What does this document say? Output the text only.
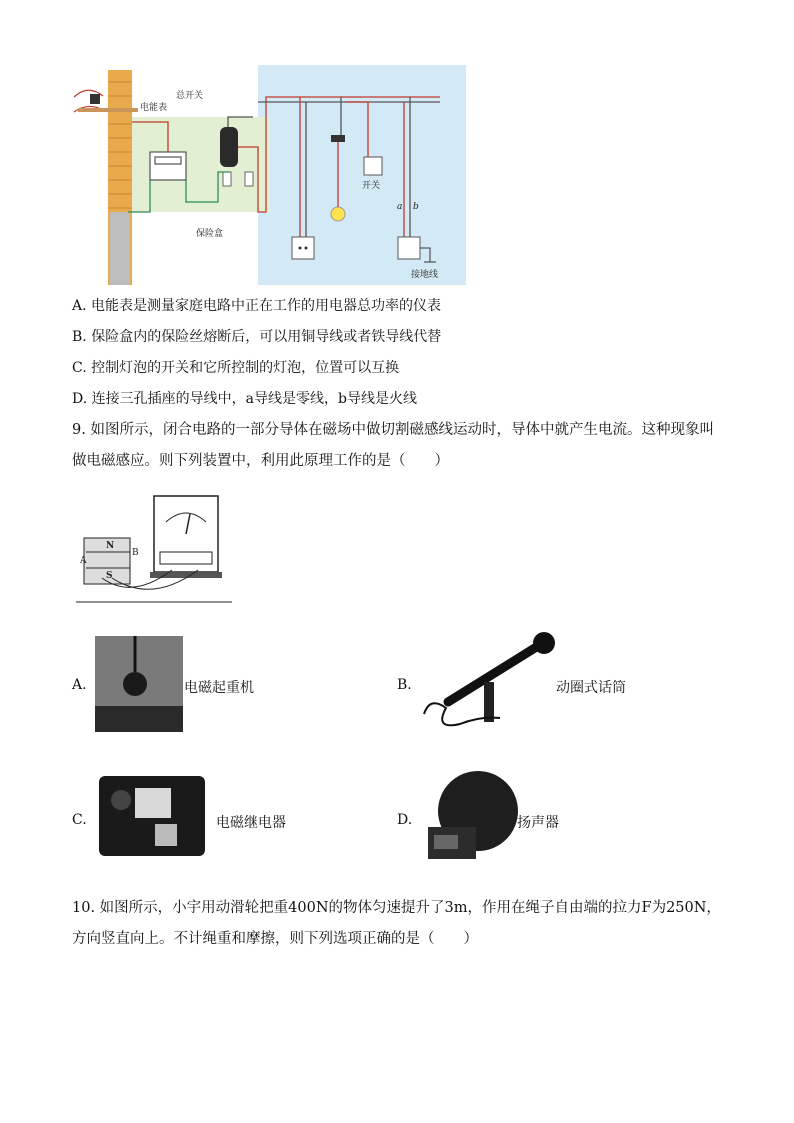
电能表
总开关
保险盒
开关
a b
接地线
A. 电能表是测量家庭电路中正在工作的用电器总功率的仪表
B. 保险盒内的保险丝熔断后，可以用铜导线或者铁导线代替
C. 控制灯泡的开关和它所控制的灯泡，位置可以互换
D. 连接三孔插座的导线中，a导线是零线，b导线是火线
9. 如图所示，闭合电路的一部分导体在磁场中做切割磁感线运动时，导体中就产生电流。这种现象叫做电磁感应。则下列装置中，利用此原理工作的是（　　）
N
S
A
B
A.	电磁起重机	B.	动圈式话筒
C.	电磁继电器	D.	扬声器
10. 如图所示，小宇用动滑轮把重400N的物体匀速提升了3m，作用在绳子自由端的拉力F为250N，方向竖直向上。不计绳重和摩擦，则下列选项正确的是（　　）
